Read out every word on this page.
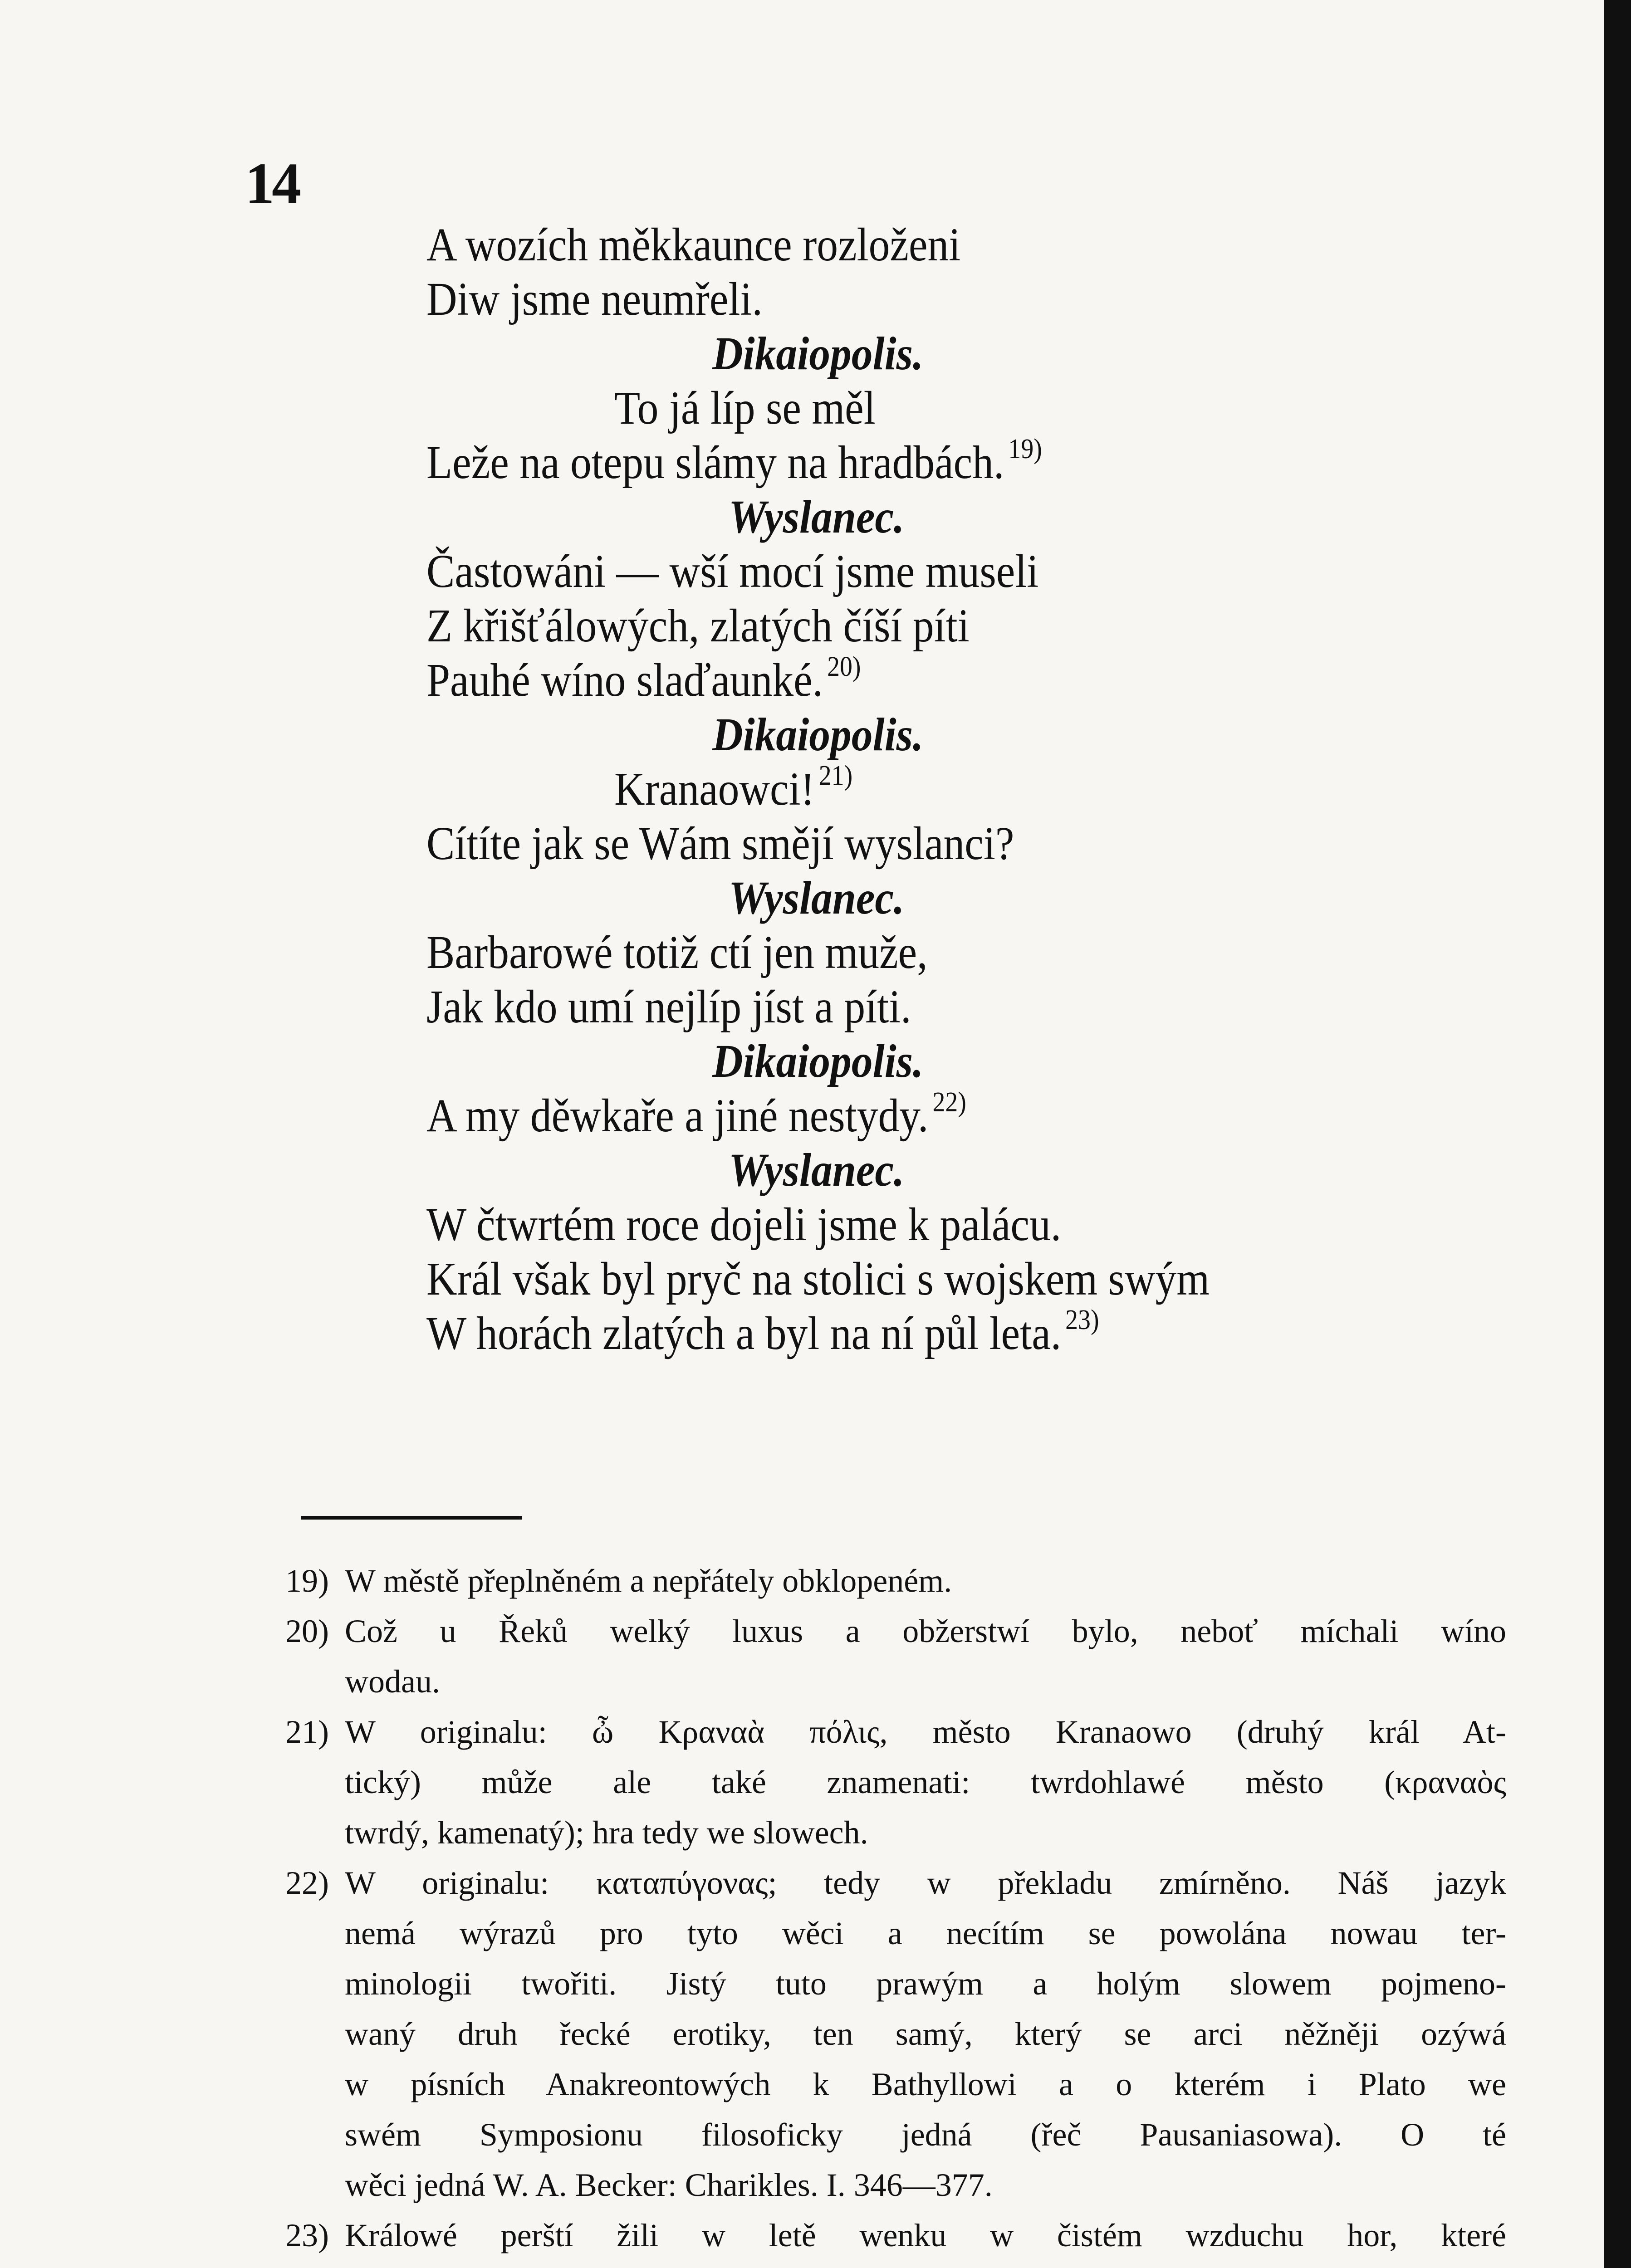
14
A wozích měkkaunce rozloženi
Diw jsme neumřeli.
Dikaiopolis.
To já líp se měl
Leže na otepu slámy na hradbách. $^{19)}$
Wyslanec.
Častowáni — wší mocí jsme museli
Z křišťálowých, zlatých číší píti
Pauhé wíno slaďaunké. $^{20)}$
Dikaiopolis.
Kranaowci! $^{21)}$
Cítíte jak se Wám smějí wyslanci?
Wyslanec.
Barbarowé totiž ctí jen muže,
Jak kdo umí nejlíp jíst a píti.
Dikaiopolis.
A my děwkaře a jiné nestydy. $^{22)}$
Wyslanec.
W čtwrtém roce dojeli jsme k palácu.
Král však byl pryč na stolici s wojskem swým
W horách zlatých a byl na ní půl leta. $^{23)}$
19) W městě přeplněném a nepřátely obklopeném.
20) Což u Řeků welký luxus a obžerstwí bylo, neboť míchali wíno
wodau.
21) W originalu: ὦ Κραναὰ πόλις, město Kranaowo (druhý král At-
tický) může ale také znamenati: twrdohlawé město (κραναὸς
twrdý, kamenatý); hra tedy we slowech.
22) W originalu: καταπύγονας; tedy w překladu zmírněno. Náš jazyk
nemá wýrazů pro tyto wěci a necítím se powolána nowau ter-
minologii twořiti. Jistý tuto prawým a holým slowem pojmeno-
waný druh řecké erotiky, ten samý, který se arci něžněji ozýwá
w písních Anakreontowých k Bathyllowi a o kterém i Plato we
swém Symposionu filosoficky jedná (řeč Pausaniasowa). O té
wěci jedná W. A. Becker: Charikles. I. 346—377.
23) Králowé perští žili w letě wenku w čistém wzduchu hor, které
